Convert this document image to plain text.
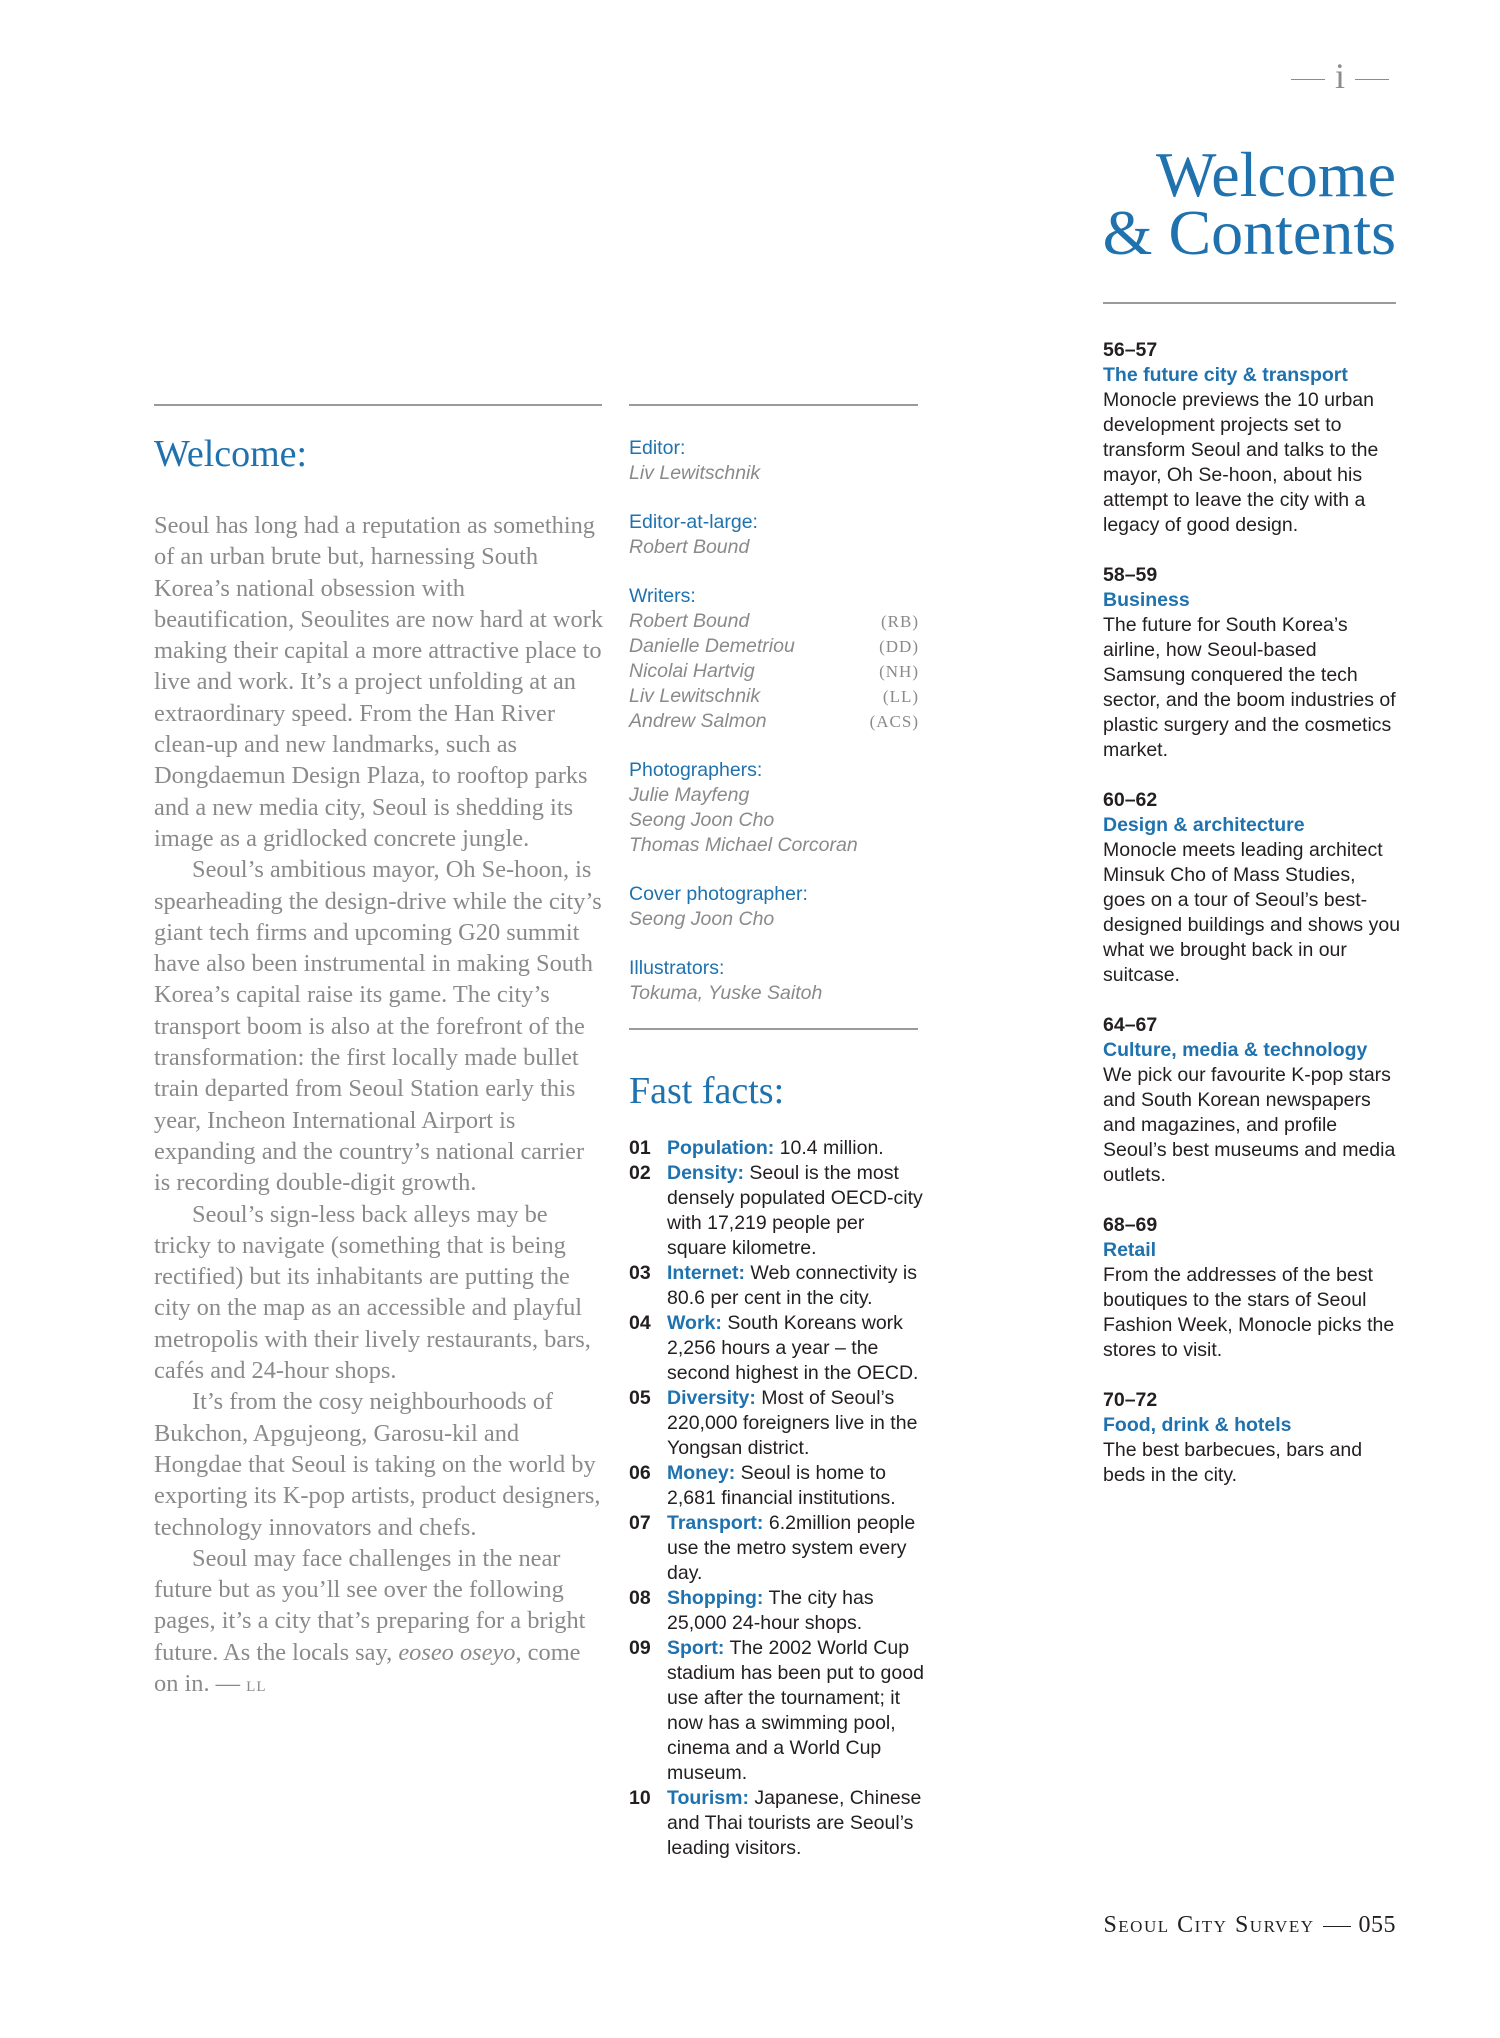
i
Welcome
& Contents
Welcome:

Seoul has long had a reputation as something of an urban brute but, harnessing South Korea’s national obsession with beautification, Seoulites are now hard at work making their capital a more attractive place to live and work. It’s a project unfolding at an extraordinary speed. From the Han River clean-up and new landmarks, such as Dongdaemun Design Plaza, to rooftop parks and a new media city, Seoul is shedding its image as a gridlocked concrete jungle.

Seoul’s ambitious mayor, Oh Se-hoon, is spearheading the design-drive while the city’s giant tech firms and upcoming G20 summit have also been instrumental in making South Korea’s capital raise its game. The city’s transport boom is also at the forefront of the transformation: the first locally made bullet train departed from Seoul Station early this year, Incheon International Airport is expanding and the country’s national carrier is recording double-digit growth.

Seoul’s sign-less back alleys may be tricky to navigate (something that is being rectified) but its inhabitants are putting the city on the map as an accessible and playful metropolis with their lively restaurants, bars, cafés and 24-hour shops.

It’s from the cosy neighbourhoods of Bukchon, Apgujeong, Garosu-kil and Hongdae that Seoul is taking on the world by exporting its K-pop artists, product designers, technology innovators and chefs.

Seoul may face challenges in the near future but as you’ll see over the following pages, it’s a city that’s preparing for a bright future. As the locals say, eoseo oseyo, come on in. — LL

Editor:
Liv Lewitschnik
Editor-at-large:
Robert Bound
Writers:
Robert Bound	(RB)
Danielle Demetriou	(DD)
Nicolai Hartvig	(NH)
Liv Lewitschnik	(LL)
Andrew Salmon	(ACS)
Photographers:
Julie Mayfeng
Seong Joon Cho
Thomas Michael Corcoran
Cover photographer:
Seong Joon Cho
Illustrators:
Tokuma, Yuske Saitoh
Fast facts:
01 Population: 10.4 million.
02 Density: Seoul is the most densely populated OECD-city with 17,219 people per square kilometre.
03 Internet: Web connectivity is 80.6 per cent in the city.
04 Work: South Koreans work 2,256 hours a year – the second highest in the OECD.
05 Diversity: Most of Seoul’s 220,000 foreigners live in the Yongsan district.
06 Money: Seoul is home to 2,681 financial institutions.
07 Transport: 6.2million people use the metro system every day.
08 Shopping: The city has 25,000 24-hour shops.
09 Sport: The 2002 World Cup stadium has been put to good use after the tournament; it now has a swimming pool, cinema and a World Cup museum.
10 Tourism: Japanese, Chinese and Thai tourists are Seoul’s leading visitors.
56–57
The future city & transport
Monocle previews the 10 urban development projects set to transform Seoul and talks to the mayor, Oh Se-hoon, about his attempt to leave the city with a legacy of good design.
58–59
Business
The future for South Korea’s airline, how Seoul-based Samsung conquered the tech sector, and the boom industries of plastic surgery and the cosmetics market.
60–62
Design & architecture
Monocle meets leading architect Minsuk Cho of Mass Studies, goes on a tour of Seoul’s best-designed buildings and shows you what we brought back in our suitcase.
64–67
Culture, media & technology
We pick our favourite K-pop stars and South Korean newspapers and magazines, and profile Seoul’s best museums and media outlets.
68–69
Retail
From the addresses of the best boutiques to the stars of Seoul Fashion Week, Monocle picks the stores to visit.
70–72
Food, drink & hotels
The best barbecues, bars and beds in the city.
Seoul City Survey 055
